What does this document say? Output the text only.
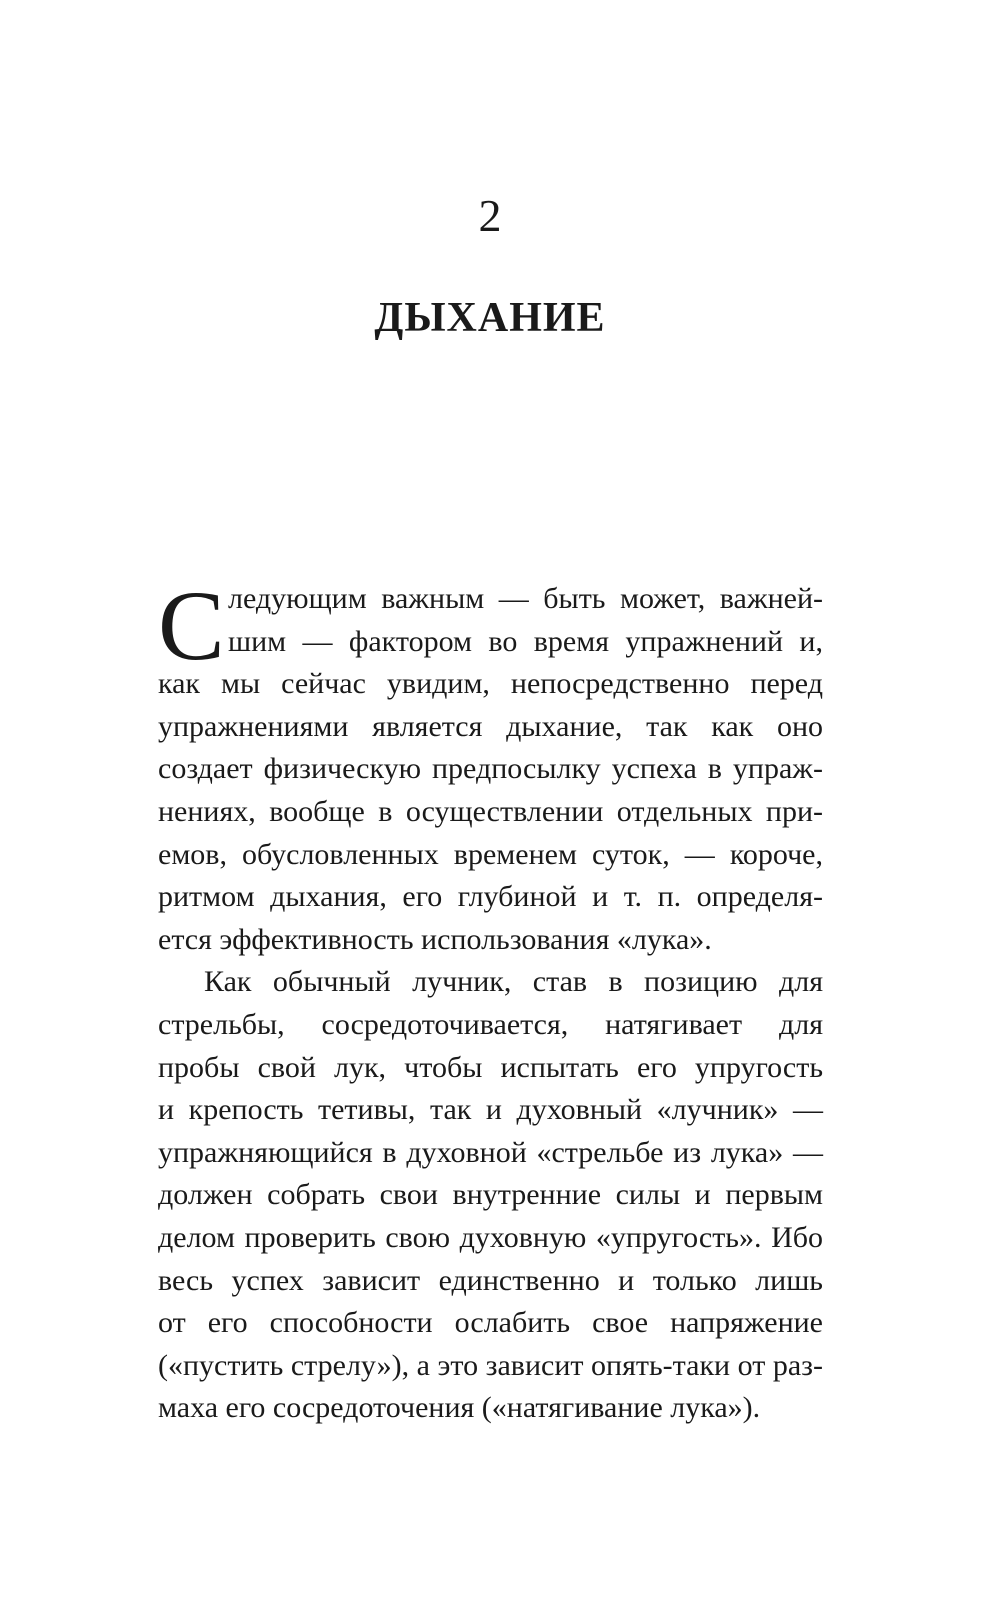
2
ДЫХАНИЕ
С ледующим важным — быть может, важней-
шим — фактором во время упражнений и,
как мы сейчас увидим, непосредственно перед
упражнениями является дыхание, так как оно
создает физическую предпосылку успеха в упраж-
нениях, вообще в осуществлении отдельных при-
емов, обусловленных временем суток, — короче,
ритмом дыхания, его глубиной и т. п. определя-
ется эффективность использования «лука».
Как обычный лучник, став в позицию для
стрельбы, сосредоточивается, натягивает для
пробы свой лук, чтобы испытать его упругость
и крепость тетивы, так и духовный «лучник» —
упражняющийся в духовной «стрельбе из лука» —
должен собрать свои внутренние силы и первым
делом проверить свою духовную «упругость». Ибо
весь успех зависит единственно и только лишь
от его способности ослабить свое напряжение
(«пустить стрелу»), а это зависит опять-таки от раз-
маха его сосредоточения («натягивание лука»).
